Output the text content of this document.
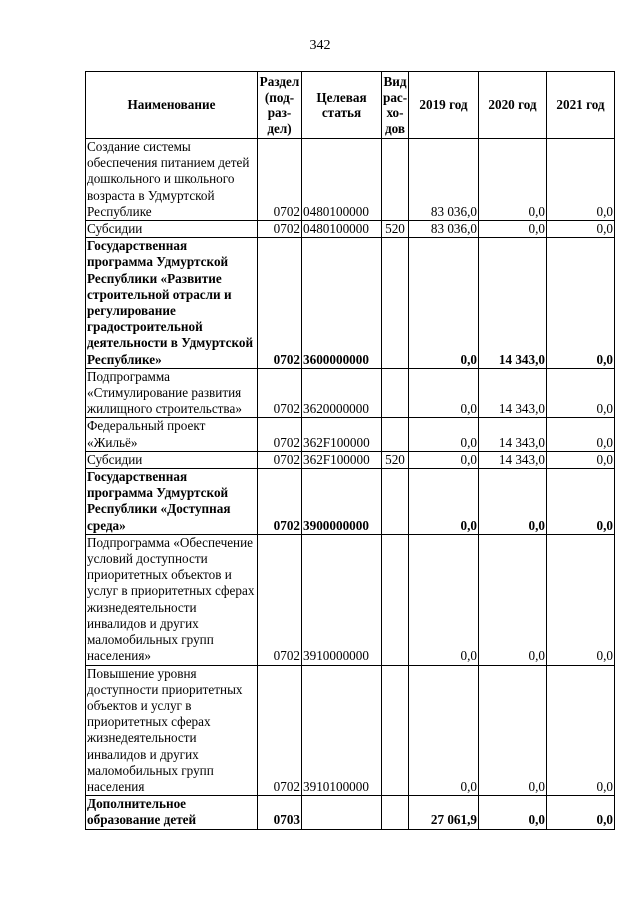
342
Наименование	Раздел (под-раз-дел)	Целевая статья	Вид рас-хо-дов	2019 год	2020 год	2021 год
Создание системы обеспечения питанием детей дошкольного и школьного возраста в Удмуртской Республике	0702	0480100000		83 036,0	0,0	0,0
Субсидии	0702	0480100000	520	83 036,0	0,0	0,0
Государственная программа Удмуртской Республики «Развитие строительной отрасли и регулирование градостроительной деятельности в Удмуртской Республике»	0702	3600000000		0,0	14 343,0	0,0
Подпрограмма «Стимулирование развития жилищного строительства»	0702	3620000000		0,0	14 343,0	0,0
Федеральный проект «Жильё»	0702	362F100000		0,0	14 343,0	0,0
Субсидии	0702	362F100000	520	0,0	14 343,0	0,0
Государственная программа Удмуртской Республики «Доступная среда»	0702	3900000000		0,0	0,0	0,0
Подпрограмма «Обеспечение условий доступности приоритетных объектов и услуг в приоритетных сферах жизнедеятельности инвалидов и других маломобильных групп населения»	0702	3910000000		0,0	0,0	0,0
Повышение уровня доступности приоритетных объектов и услуг в приоритетных сферах жизнедеятельности инвалидов и других маломобильных групп населения	0702	3910100000		0,0	0,0	0,0
Дополнительное образование детей	0703			27 061,9	0,0	0,0
